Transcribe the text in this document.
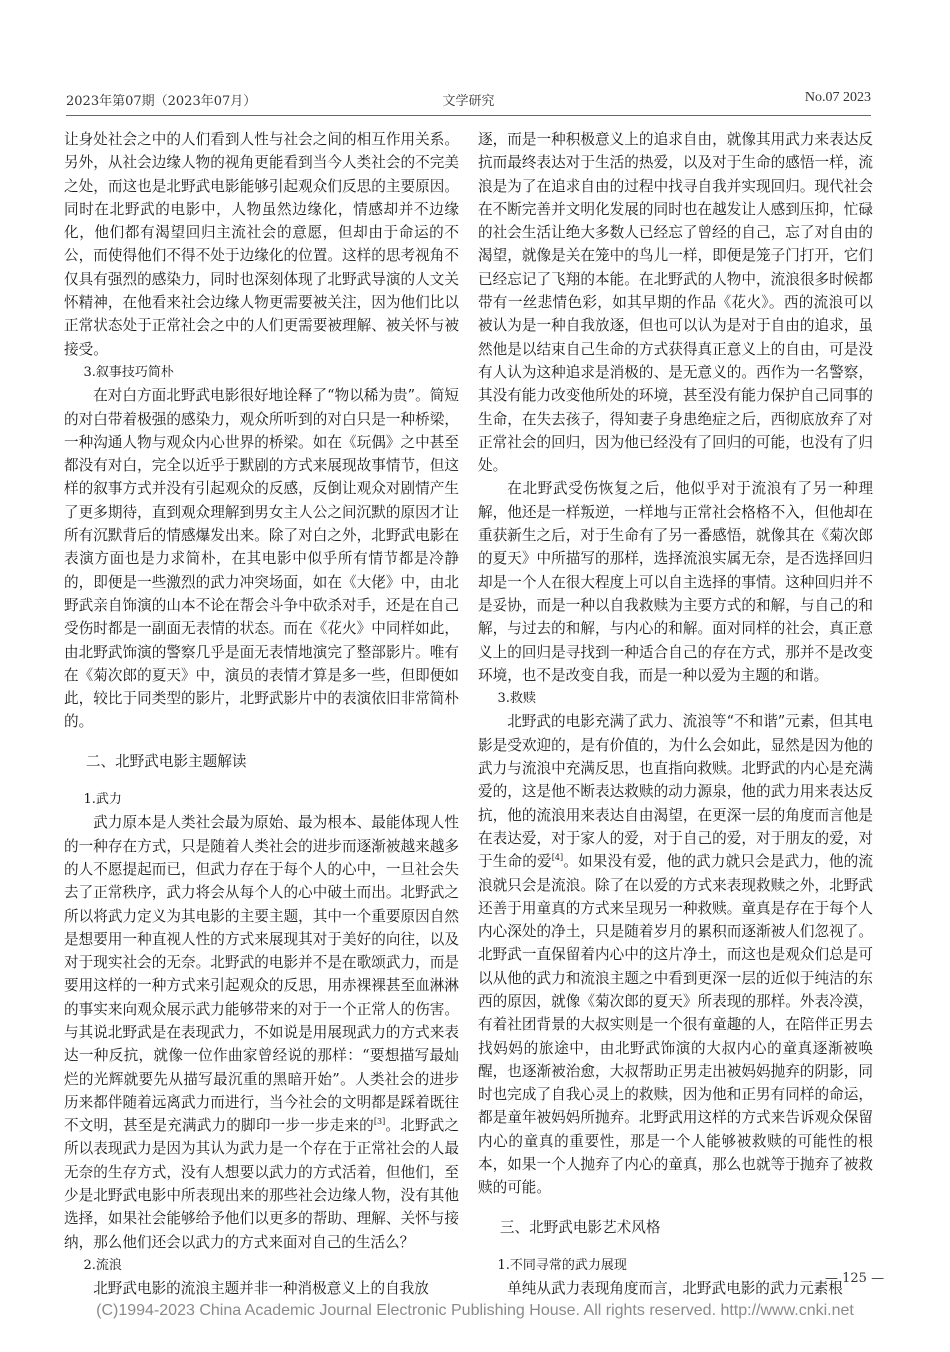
2023年第07期（2023年07月）	文学研究	No.07 2023

让身处社会之中的人们看到人性与社会之间的相互作用关系。另外，从社会边缘人物的视角更能看到当今人类社会的不完美之处，而这也是北野武电影能够引起观众们反思的主要原因。同时在北野武的电影中，人物虽然边缘化，情感却并不边缘化，他们都有渴望回归主流社会的意愿，但却由于命运的不公，而使得他们不得不处于边缘化的位置。这样的思考视角不仅具有强烈的感染力，同时也深刻体现了北野武导演的人文关怀精神，在他看来社会边缘人物更需要被关注，因为他们比以正常状态处于正常社会之中的人们更需要被理解、被关怀与被接受。

3.叙事技巧简朴

在对白方面北野武电影很好地诠释了“物以稀为贵”。简短的对白带着极强的感染力，观众所听到的对白只是一种桥梁，一种沟通人物与观众内心世界的桥梁。如在《玩偶》之中甚至都没有对白，完全以近乎于默剧的方式来展现故事情节，但这样的叙事方式并没有引起观众的反感，反倒让观众对剧情产生了更多期待，直到观众理解到男女主人公之间沉默的原因才让所有沉默背后的情感爆发出来。除了对白之外，北野武电影在表演方面也是力求简朴，在其电影中似乎所有情节都是冷静的，即便是一些激烈的武力冲突场面，如在《大佬》中，由北野武亲自饰演的山本不论在帮会斗争中砍杀对手，还是在自己受伤时都是一副面无表情的状态。而在《花火》中同样如此，由北野武饰演的警察几乎是面无表情地演完了整部影片。唯有在《菊次郎的夏天》中，演员的表情才算是多一些，但即便如此，较比于同类型的影片，北野武影片中的表演依旧非常简朴的。

二、北野武电影主题解读

1.武力

武力原本是人类社会最为原始、最为根本、最能体现人性的一种存在方式，只是随着人类社会的进步而逐渐被越来越多的人不愿提起而已，但武力存在于每个人的心中，一旦社会失去了正常秩序，武力将会从每个人的心中破土而出。北野武之所以将武力定义为其电影的主要主题，其中一个重要原因自然是想要用一种直视人性的方式来展现其对于美好的向往，以及对于现实社会的无奈。北野武的电影并不是在歌颂武力，而是要用这样的一种方式来引起观众的反思，用赤裸裸甚至血淋淋的事实来向观众展示武力能够带来的对于一个正常人的伤害。与其说北野武是在表现武力，不如说是用展现武力的方式来表达一种反抗，就像一位作曲家曾经说的那样：“要想描写最灿烂的光辉就要先从描写最沉重的黑暗开始”。人类社会的进步历来都伴随着远离武力而进行，当今社会的文明都是踩着既往不文明，甚至是充满武力的脚印一步一步走来的[3]。北野武之所以表现武力是因为其认为武力是一个存在于正常社会的人最无奈的生存方式，没有人想要以武力的方式活着，但他们，至少是北野武电影中所表现出来的那些社会边缘人物，没有其他选择，如果社会能够给予他们以更多的帮助、理解、关怀与接纳，那么他们还会以武力的方式来面对自己的生活么？

2.流浪

北野武电影的流浪主题并非一种消极意义上的自我放

逐，而是一种积极意义上的追求自由，就像其用武力来表达反抗而最终表达对于生活的热爱，以及对于生命的感悟一样，流浪是为了在追求自由的过程中找寻自我并实现回归。现代社会在不断完善并文明化发展的同时也在越发让人感到压抑，忙碌的社会生活让绝大多数人已经忘了曾经的自己，忘了对自由的渴望，就像是关在笼中的鸟儿一样，即便是笼子门打开，它们已经忘记了飞翔的本能。在北野武的人物中，流浪很多时候都带有一丝悲情色彩，如其早期的作品《花火》。西的流浪可以被认为是一种自我放逐，但也可以认为是对于自由的追求，虽然他是以结束自己生命的方式获得真正意义上的自由，可是没有人认为这种追求是消极的、是无意义的。西作为一名警察，其没有能力改变他所处的环境，甚至没有能力保护自己同事的生命，在失去孩子，得知妻子身患绝症之后，西彻底放弃了对正常社会的回归，因为他已经没有了回归的可能，也没有了归处。

在北野武受伤恢复之后，他似乎对于流浪有了另一种理解，他还是一样叛逆，一样地与正常社会格格不入，但他却在重获新生之后，对于生命有了另一番感悟，就像其在《菊次郎的夏天》中所描写的那样，选择流浪实属无奈，是否选择回归却是一个人在很大程度上可以自主选择的事情。这种回归并不是妥协，而是一种以自我救赎为主要方式的和解，与自己的和解，与过去的和解，与内心的和解。面对同样的社会，真正意义上的回归是寻找到一种适合自己的存在方式，那并不是改变环境，也不是改变自我，而是一种以爱为主题的和谐。

3.救赎

北野武的电影充满了武力、流浪等“不和谐”元素，但其电影是受欢迎的，是有价值的，为什么会如此，显然是因为他的武力与流浪中充满反思，也直指向救赎。北野武的内心是充满爱的，这是他不断表达救赎的动力源泉，他的武力用来表达反抗，他的流浪用来表达自由渴望，在更深一层的角度而言他是在表达爱，对于家人的爱，对于自己的爱，对于朋友的爱，对于生命的爱[4]。如果没有爱，他的武力就只会是武力，他的流浪就只会是流浪。除了在以爱的方式来表现救赎之外，北野武还善于用童真的方式来呈现另一种救赎。童真是存在于每个人内心深处的净土，只是随着岁月的累积而逐渐被人们忽视了。北野武一直保留着内心中的这片净土，而这也是观众们总是可以从他的武力和流浪主题之中看到更深一层的近似于纯洁的东西的原因，就像《菊次郎的夏天》所表现的那样。外表冷漠，有着社团背景的大叔实则是一个很有童趣的人，在陪伴正男去找妈妈的旅途中，由北野武饰演的大叔内心的童真逐渐被唤醒，也逐渐被治愈，大叔帮助正男走出被妈妈抛弃的阴影，同时也完成了自我心灵上的救赎，因为他和正男有同样的命运，都是童年被妈妈所抛弃。北野武用这样的方式来告诉观众保留内心的童真的重要性，那是一个人能够被救赎的可能性的根本，如果一个人抛弃了内心的童真，那么也就等于抛弃了被救赎的可能。

三、北野武电影艺术风格

1.不同寻常的武力展现

单纯从武力表现角度而言，北野武电影的武力元素根

— 125 —
(C)1994-2023 China Academic Journal Electronic Publishing House. All rights reserved. http://www.cnki.net
